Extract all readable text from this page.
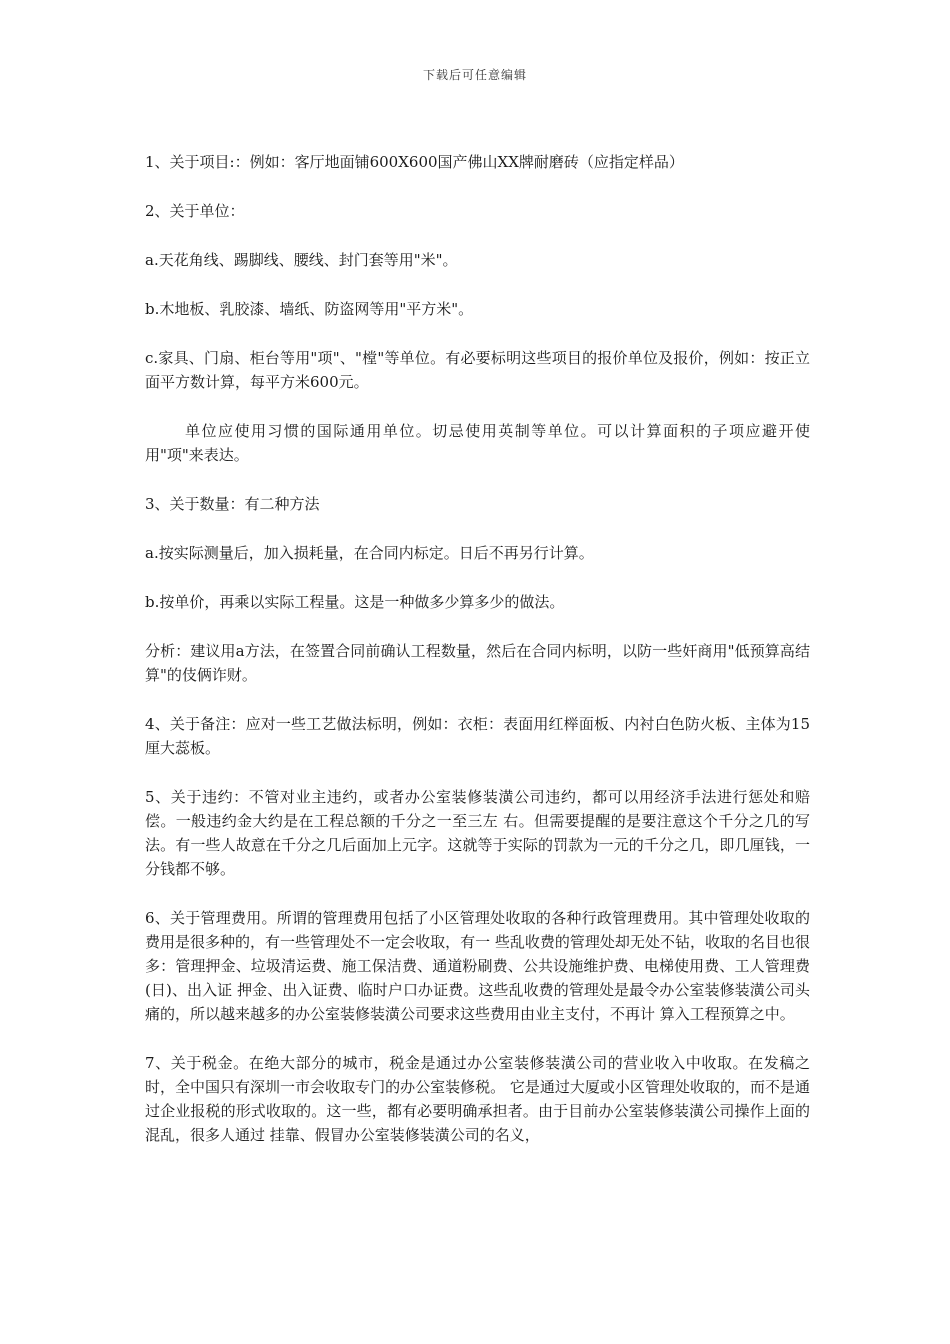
下载后可任意编辑

1、关于项目:：例如：客厅地面铺600X600国产佛山XX牌耐磨砖（应指定样品）

2、关于单位：

a.天花角线、踢脚线、腰线、封门套等用"米"。

b.木地板、乳胶漆、墙纸、防盗网等用"平方米"。

c.家具、门扇、柜台等用"项"、"樘"等单位。有必要标明这些项目的报价单位及报价，例如：按正立面平方数计算，每平方米600元。

单位应使用习惯的国际通用单位。切忌使用英制等单位。可以计算面积的子项应避开使用"项"来表达。

3、关于数量：有二种方法

a.按实际测量后，加入损耗量，在合同内标定。日后不再另行计算。

b.按单价，再乘以实际工程量。这是一种做多少算多少的做法。

分析：建议用a方法，在签置合同前确认工程数量，然后在合同内标明，以防一些奸商用"低预算高结算"的伎俩诈财。

4、关于备注：应对一些工艺做法标明，例如：衣柜：表面用红榉面板、内衬白色防火板、主体为15厘大蕊板。

5、关于违约：不管对业主违约，或者办公室装修装潢公司违约，都可以用经济手法进行惩处和赔偿。一般违约金大约是在工程总额的千分之一至三左 右。但需要提醒的是要注意这个千分之几的写法。有一些人故意在千分之几后面加上元字。这就等于实际的罚款为一元的千分之几，即几厘钱，一分钱都不够。

6、关于管理费用。所谓的管理费用包括了小区管理处收取的各种行政管理费用。其中管理处收取的费用是很多种的，有一些管理处不一定会收取，有一 些乱收费的管理处却无处不钻，收取的名目也很多：管理押金、垃圾清运费、施工保洁费、通道粉刷费、公共设施维护费、电梯使用费、工人管理费(日)、出入证 押金、出入证费、临时户口办证费。这些乱收费的管理处是最令办公室装修装潢公司头痛的，所以越来越多的办公室装修装潢公司要求这些费用由业主支付，不再计 算入工程预算之中。

7、关于税金。在绝大部分的城市，税金是通过办公室装修装潢公司的营业收入中收取。在发稿之时，全中国只有深圳一市会收取专门的办公室装修税。 它是通过大厦或小区管理处收取的，而不是通过企业报税的形式收取的。这一些，都有必要明确承担者。由于目前办公室装修装潢公司操作上面的混乱，很多人通过 挂靠、假冒办公室装修装潢公司的名义，
